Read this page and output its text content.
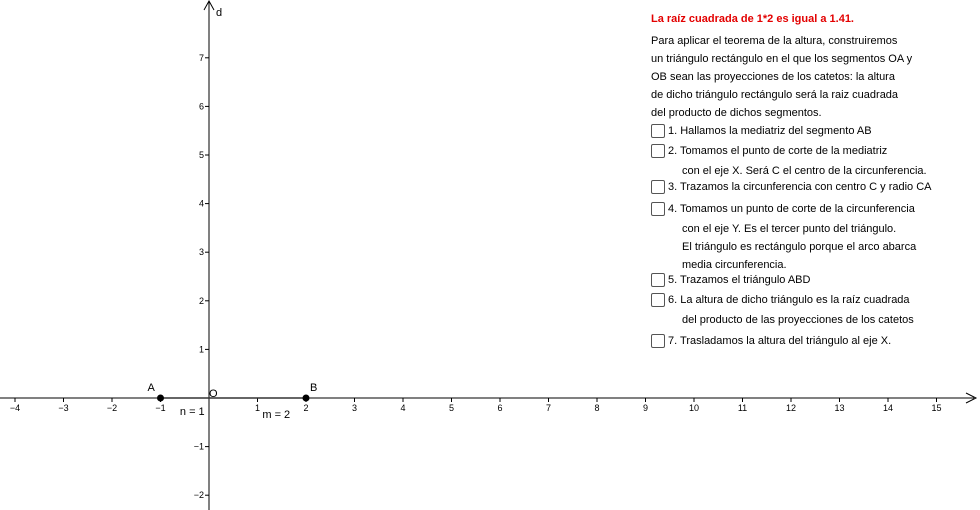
d
O
−4	−3	−2	−1	1	2	3	4	5	6	7	8	9	10	11	12	13	14	15
−2
−1
1
2
3
4
5
6
7
A	B
n = 1	m = 2
La raíz cuadrada de 1*2 es igual a 1.41.
Para aplicar el teorema de la altura, construiremos
un triángulo rectángulo en el que los segmentos OA y
OB sean las proyecciones de los catetos: la altura
de dicho triángulo rectángulo será la raiz cuadrada
del producto de dichos segmentos.
1. Hallamos la mediatriz del segmento AB
2. Tomamos el punto de corte de la mediatriz
con el eje X. Será C el centro de la circunferencia.
3. Trazamos la circunferencia con centro C y radio CA
4. Tomamos un punto de corte de la circunferencia
con el eje Y. Es el tercer punto del triángulo.
El triángulo es rectángulo porque el arco abarca
media circunferencia.
5. Trazamos el triángulo ABD
6. La altura de dicho triángulo es la raíz cuadrada
del producto de las proyecciones de los catetos
7. Trasladamos la altura del triángulo al eje X.
